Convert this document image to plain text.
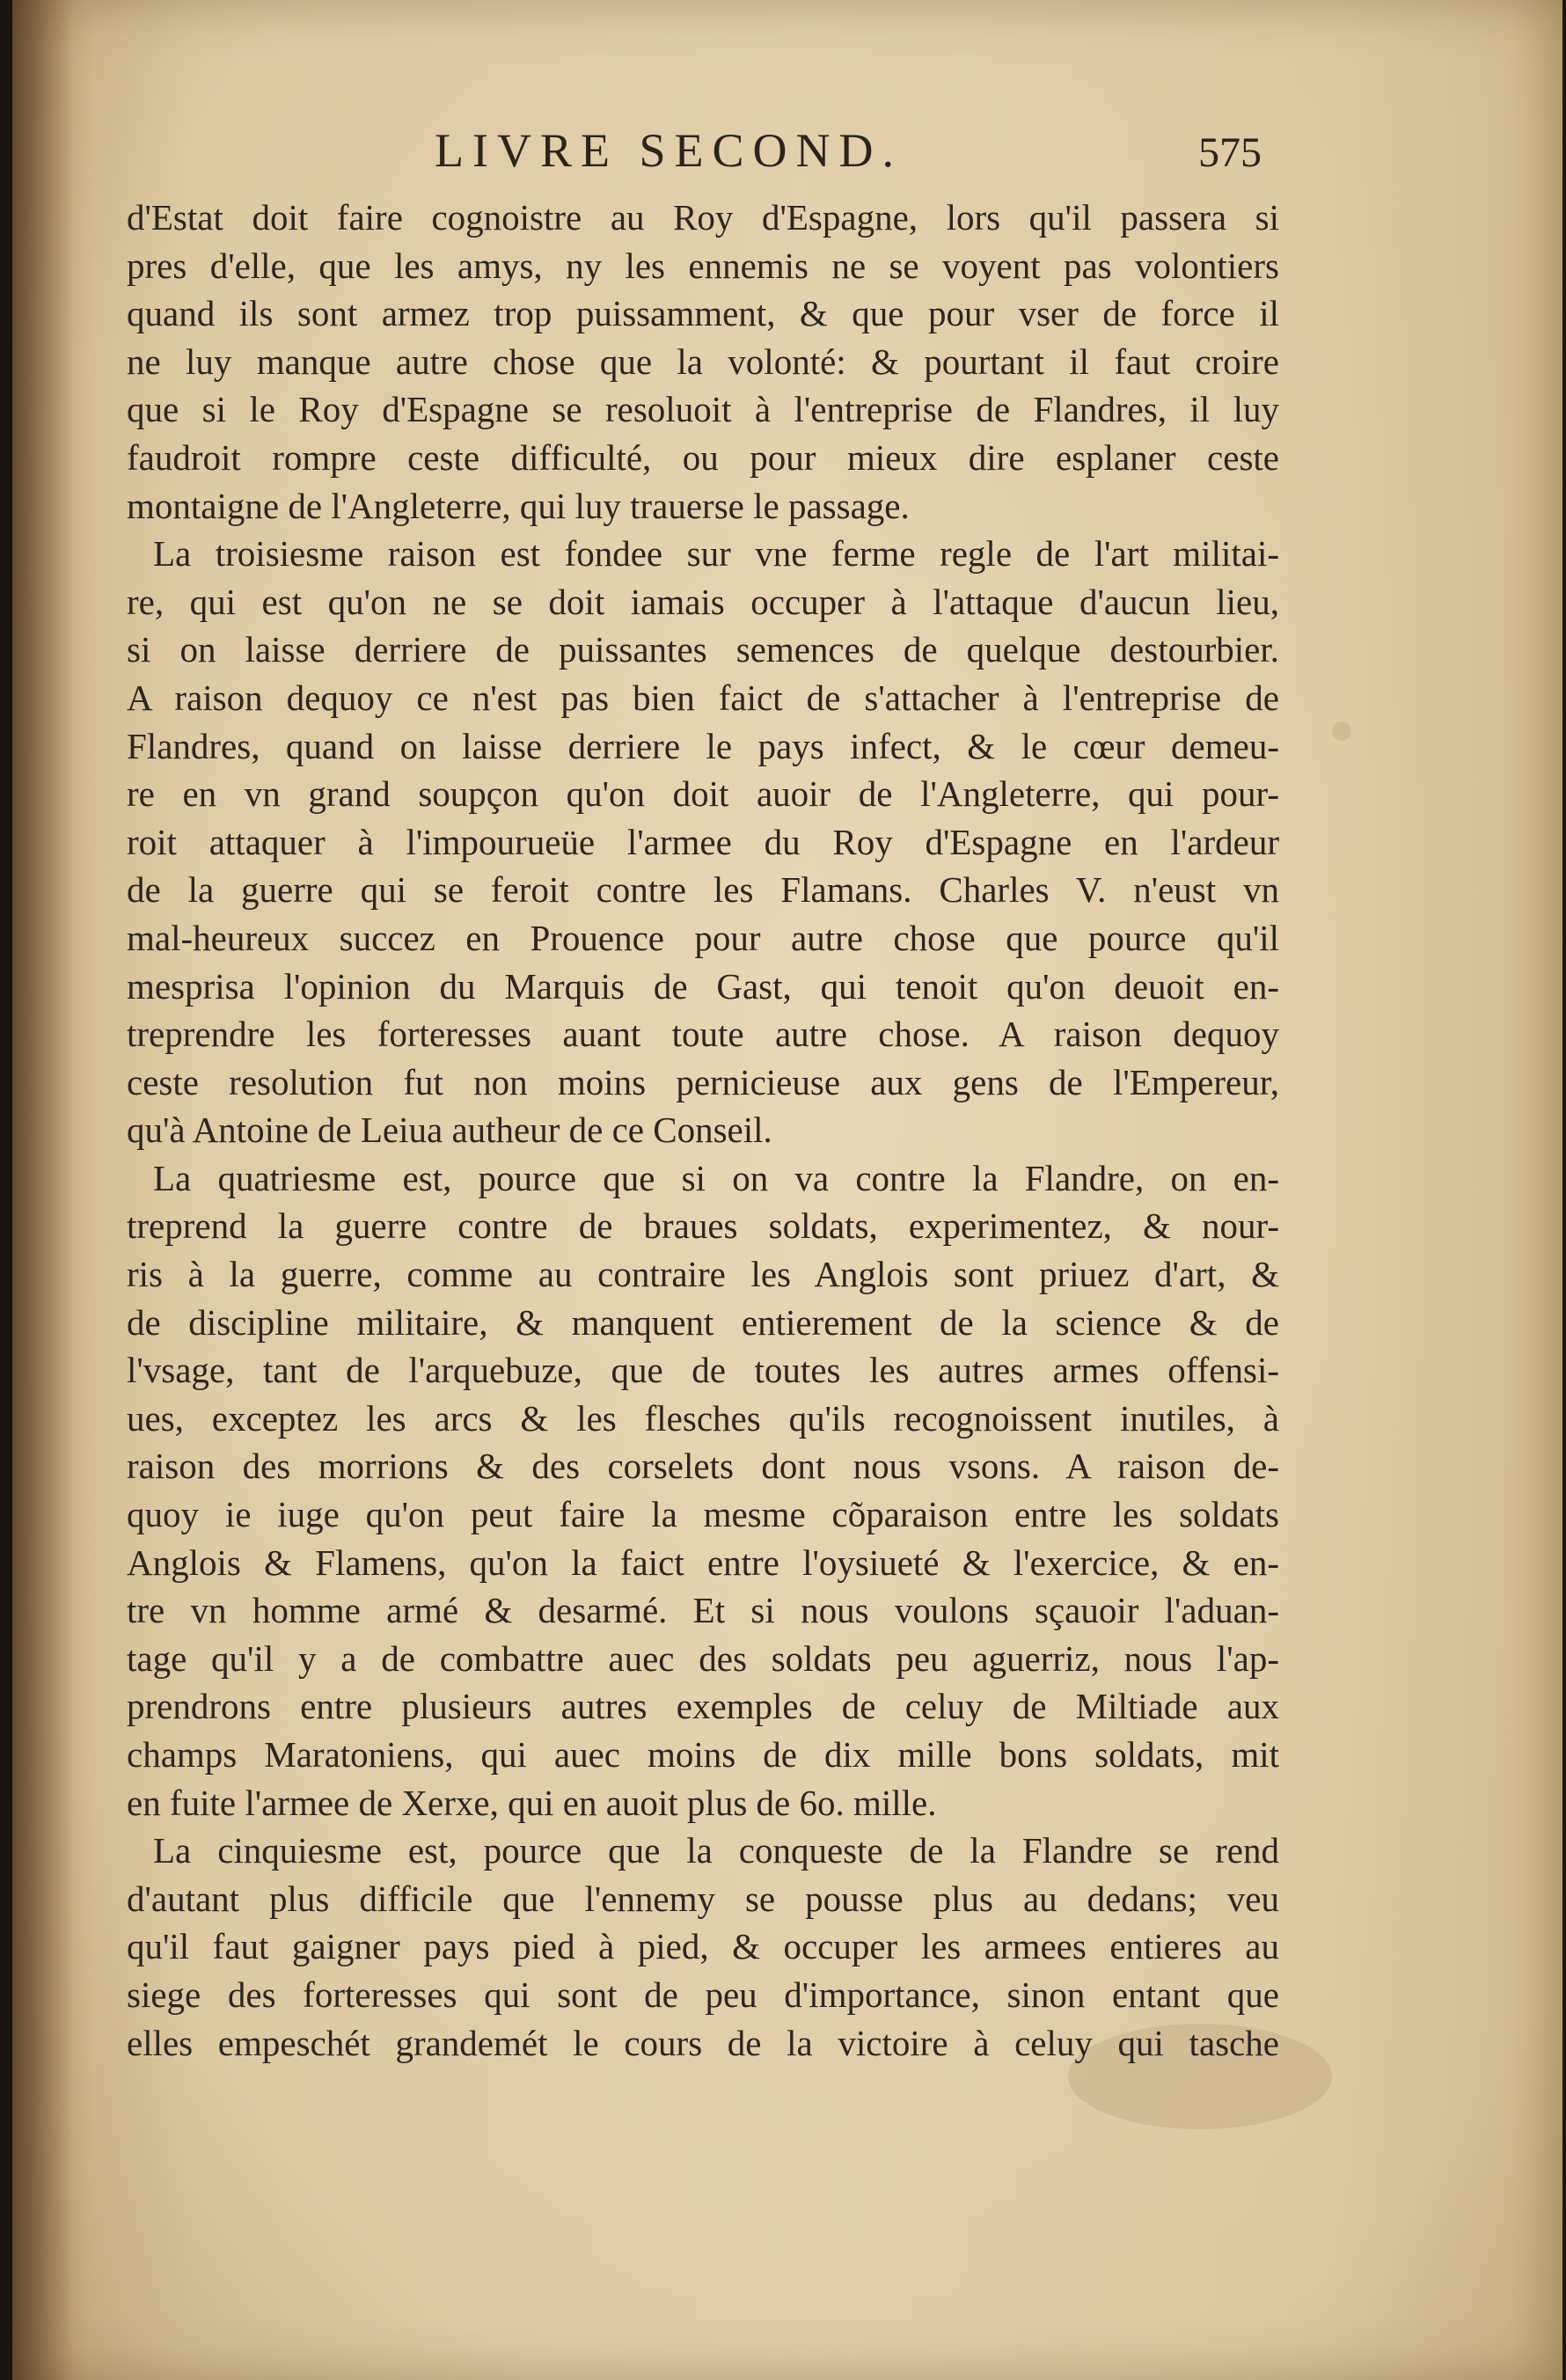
LIVRE SECOND.	575
d'Estat doit faire cognoistre au Roy d'Espagne, lors qu'il passera si
pres d'elle, que les amys, ny les ennemis ne se voyent pas volontiers
quand ils sont armez trop puissamment, & que pour vser de force il
ne luy manque autre chose que la volonté: & pourtant il faut croire
que si le Roy d'Espagne se resoluoit à l'entreprise de Flandres, il luy
faudroit rompre ceste difficulté, ou pour mieux dire esplaner ceste
montaigne de l'Angleterre, qui luy trauerse le passage.
La troisiesme raison est fondee sur vne ferme regle de l'art militai-
re, qui est qu'on ne se doit iamais occuper à l'attaque d'aucun lieu,
si on laisse derriere de puissantes semences de quelque destourbier.
A raison dequoy ce n'est pas bien faict de s'attacher à l'entreprise de
Flandres, quand on laisse derriere le pays infect, & le cœur demeu-
re en vn grand soupçon qu'on doit auoir de l'Angleterre, qui pour-
roit attaquer à l'impourueüe l'armee du Roy d'Espagne en l'ardeur
de la guerre qui se feroit contre les Flamans. Charles V. n'eust vn
mal-heureux succez en Prouence pour autre chose que pource qu'il
mesprisa l'opinion du Marquis de Gast, qui tenoit qu'on deuoit en-
treprendre les forteresses auant toute autre chose. A raison dequoy
ceste resolution fut non moins pernicieuse aux gens de l'Empereur,
qu'à Antoine de Leiua autheur de ce Conseil.
La quatriesme est, pource que si on va contre la Flandre, on en-
treprend la guerre contre de braues soldats, experimentez, & nour-
ris à la guerre, comme au contraire les Anglois sont priuez d'art, &
de discipline militaire, & manquent entierement de la science & de
l'vsage, tant de l'arquebuze, que de toutes les autres armes offensi-
ues, exceptez les arcs & les flesches qu'ils recognoissent inutiles, à
raison des morrions & des corselets dont nous vsons. A raison de-
quoy ie iuge qu'on peut faire la mesme cõparaison entre les soldats
Anglois & Flamens, qu'on la faict entre l'oysiueté & l'exercice, & en-
tre vn homme armé & desarmé. Et si nous voulons sçauoir l'aduan-
tage qu'il y a de combattre auec des soldats peu aguerriz, nous l'ap-
prendrons entre plusieurs autres exemples de celuy de Miltiade aux
champs Maratoniens, qui auec moins de dix mille bons soldats, mit
en fuite l'armee de Xerxe, qui en auoit plus de 6o. mille.
La cinquiesme est, pource que la conqueste de la Flandre se rend
d'autant plus difficile que l'ennemy se pousse plus au dedans; veu
qu'il faut gaigner pays pied à pied, & occuper les armees entieres au
siege des forteresses qui sont de peu d'importance, sinon entant que
elles empeschét grandemét le cours de la victoire à celuy qui tasche
